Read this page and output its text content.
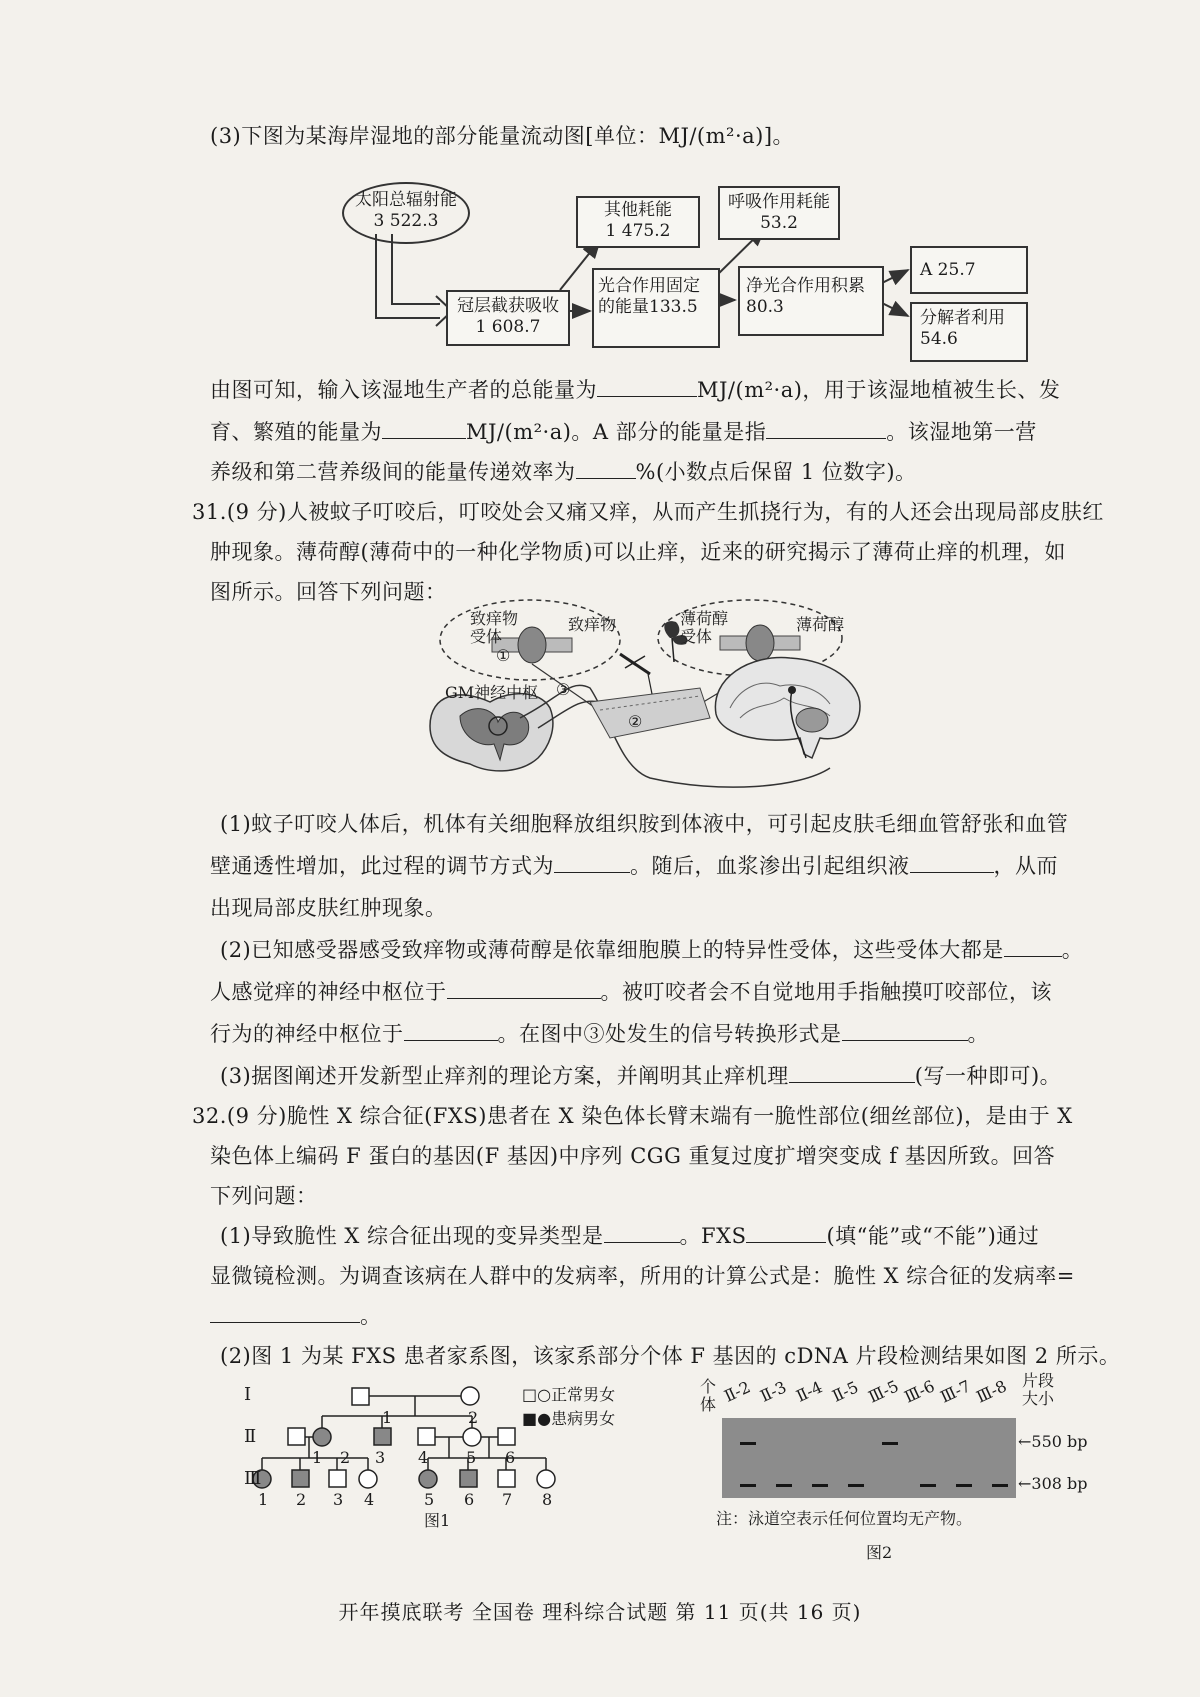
(3)下图为某海岸湿地的部分能量流动图[单位：MJ/(m²·a)]。
太阳总辐射能
3 522.3
冠层截获吸收
1 608.7
其他耗能
1 475.2
光合作用固定
的能量133.5
呼吸作用耗能
53.2
净光合作用积累
80.3
A 25.7
分解者利用
54.6
由图可知，输入该湿地生产者的总能量为	MJ/(m²·a)，用于该湿地植被生长、发
育、繁殖的能量为	MJ/(m²·a)。A 部分的能量是指	。该湿地第一营
养级和第二营养级间的能量传递效率为	%(小数点后保留 1 位数字)。
31.(9 分)人被蚊子叮咬后，叮咬处会又痛又痒，从而产生抓挠行为，有的人还会出现局部皮肤红
肿现象。薄荷醇(薄荷中的一种化学物质)可以止痒，近来的研究揭示了薄荷止痒的机理，如
图所示。回答下列问题：
致痒物
受体
致痒物
①
薄荷醇
受体
薄荷醇
GM神经中枢 ③
②
(1)蚊子叮咬人体后，机体有关细胞释放组织胺到体液中，可引起皮肤毛细血管舒张和血管
壁通透性增加，此过程的调节方式为	。随后，血浆渗出引起组织液	，从而
出现局部皮肤红肿现象。
(2)已知感受器感受致痒物或薄荷醇是依靠细胞膜上的特异性受体，这些受体大都是	。
人感觉痒的神经中枢位于	。被叮咬者会不自觉地用手指触摸叮咬部位，该
行为的神经中枢位于	。在图中③处发生的信号转换形式是	。
(3)据图阐述开发新型止痒剂的理论方案，并阐明其止痒机理	(写一种即可)。
32.(9 分)脆性 X 综合征(FXS)患者在 X 染色体长臂末端有一脆性部位(细丝部位)，是由于 X
染色体上编码 F 蛋白的基因(F 基因)中序列 CGG 重复过度扩增突变成 f 基因所致。回答
下列问题：
(1)导致脆性 X 综合征出现的变异类型是	。FXS	(填“能”或“不能”)通过
显微镜检测。为调查该病在人群中的发病率，所用的计算公式是：脆性 X 综合征的发病率=
。
(2)图 1 为某 FXS 患者家系图，该家系部分个体 F 基因的 cDNA 片段检测结果如图 2 所示。
I
Ⅱ
Ⅲ
□○正常男女
■●患病男女
1	2
1 2 3 4 5 6
1 2 3 4	5 6 7 8
图1
个体 Ⅱ-2 Ⅱ-3 Ⅱ-4 Ⅱ-5 Ⅲ-5 Ⅲ-6 Ⅲ-7 Ⅲ-8 片段
大小
←550 bp
←308 bp
注：泳道空表示任何位置均无产物。
图2
开年摸底联考 全国卷 理科综合试题 第 11 页(共 16 页)
